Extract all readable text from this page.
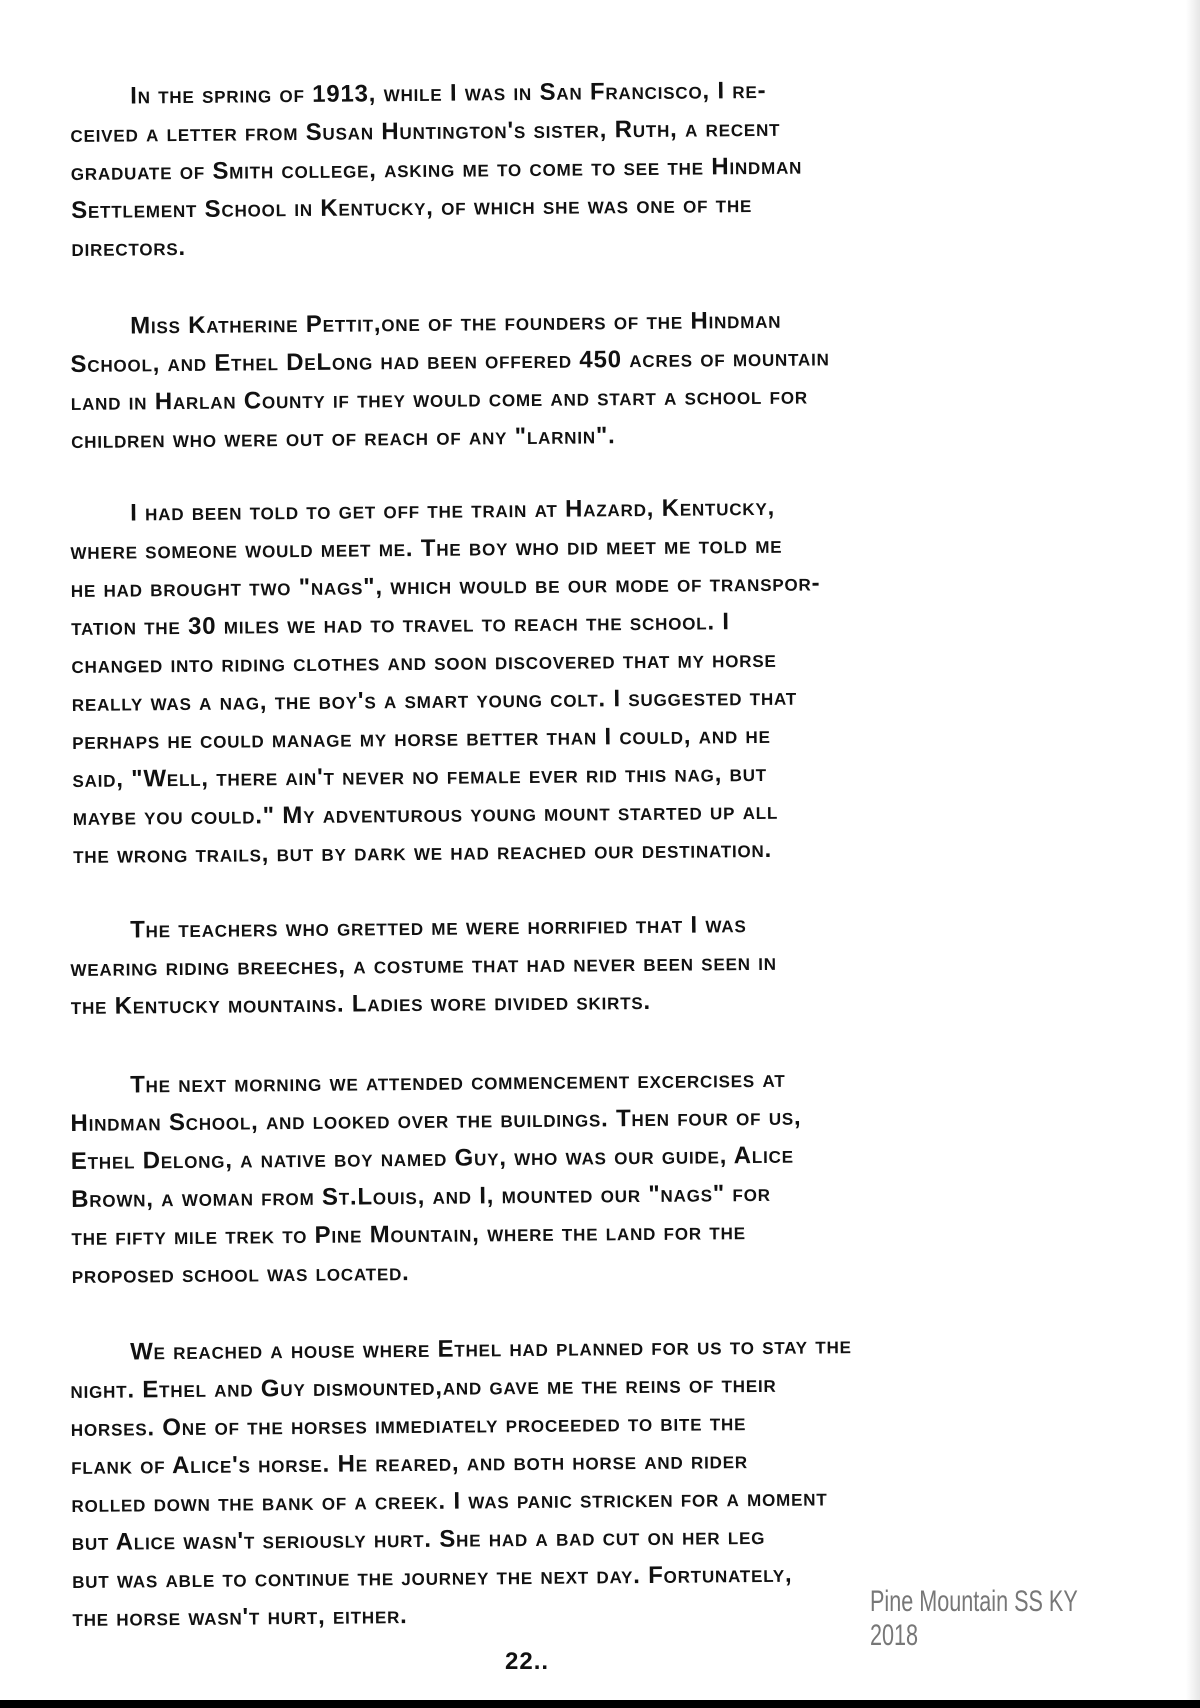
In the spring of 1913, while I was in San Francisco, I re-
ceived a letter from Susan Huntington's sister, Ruth, a recent
graduate of Smith college, asking me to come to see the Hindman
Settlement School in Kentucky, of which she was one of the
directors.
Miss Katherine Pettit,one of the founders of the Hindman
School, and Ethel DeLong had been offered 450 acres of mountain
land in Harlan County if they would come and start a school for
children who were out of reach of any "larnin".
I had been told to get off the train at Hazard, Kentucky,
where someone would meet me. The boy who did meet me told me
he had brought two "nags", which would be our mode of transpor-
tation the 30 miles we had to travel to reach the school. I
changed into riding clothes and soon discovered that my horse
really was a nag, the boy's a smart young colt. I suggested that
perhaps he could manage my horse better than I could, and he
said, "Well, there ain't never no female ever rid this nag, but
maybe you could." My adventurous young mount started up all
the wrong trails, but by dark we had reached our destination.
The teachers who gretted me were horrified that I was
wearing riding breeches, a costume that had never been seen in
the Kentucky mountains. Ladies wore divided skirts.
The next morning we attended commencement excercises at
Hindman School, and looked over the buildings. Then four of us,
Ethel Delong, a native boy named Guy, who was our guide, Alice
Brown, a woman from St.Louis, and I, mounted our "nags" for
the fifty mile trek to Pine Mountain, where the land for the
proposed school was located.
We reached a house where Ethel had planned for us to stay the
night. Ethel and Guy dismounted,and gave me the reins of their
horses. One of the horses immediately proceeded to bite the
flank of Alice's horse. He reared, and both horse and rider
rolled down the bank of a creek. I was panic stricken for a moment
but Alice wasn't seriously hurt. She had a bad cut on her leg
but was able to continue the journey the next day. Fortunately,
the horse wasn't hurt, either.	Pine Mountain SS KY 2018
22..
